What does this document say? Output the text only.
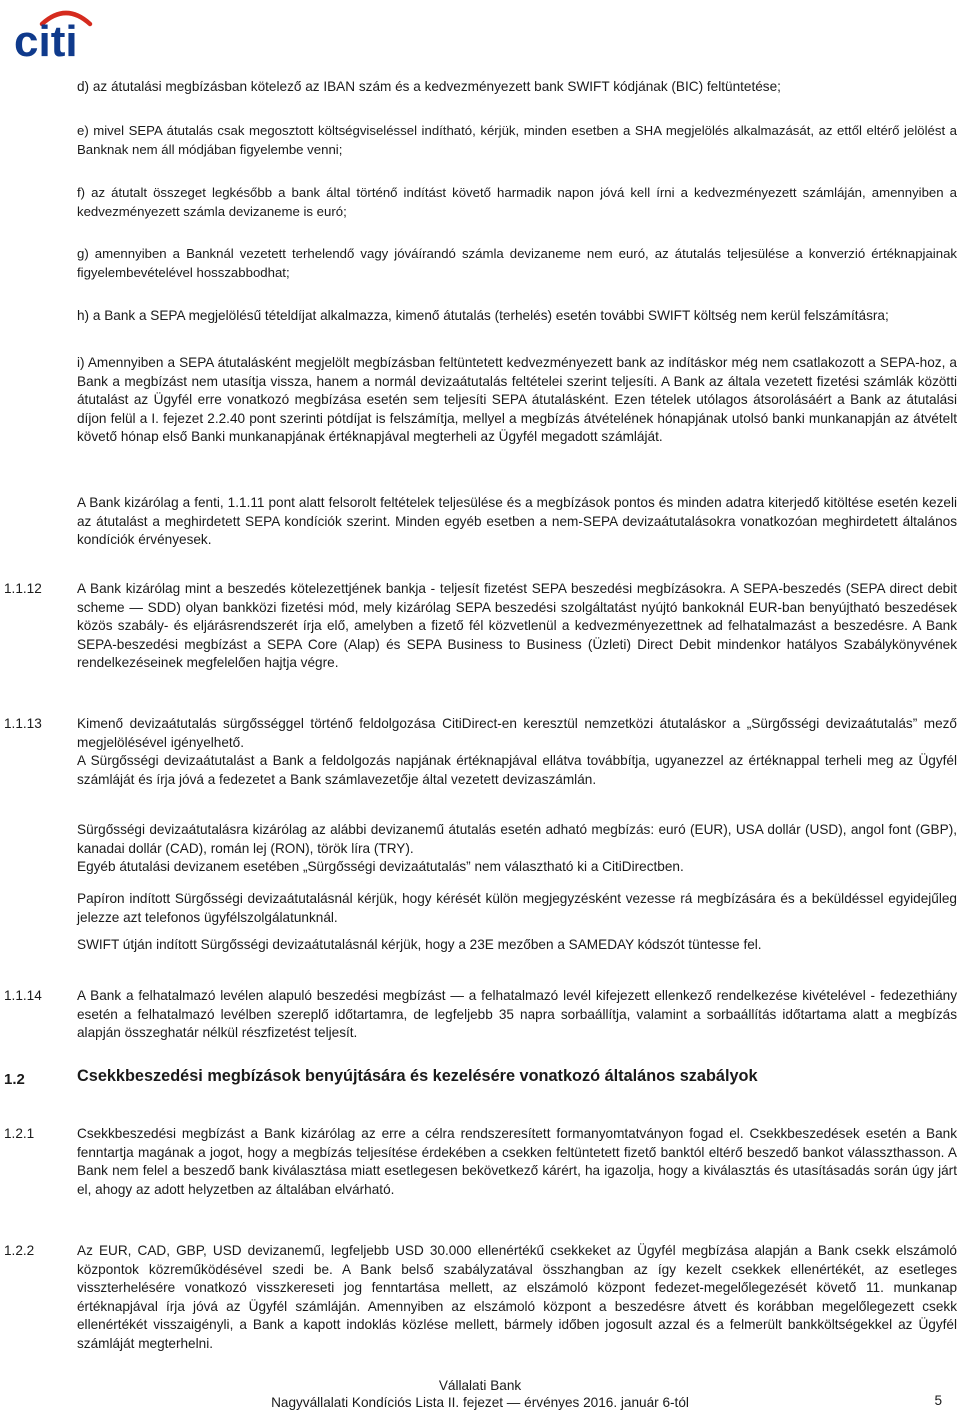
citi

d) az átutalási megbízásban kötelező az IBAN szám és a kedvezményezett bank SWIFT kódjának (BIC) feltüntetése;

e) mivel SEPA átutalás csak megosztott költségviseléssel indítható, kérjük, minden esetben a SHA megjelölés alkalmazását, az ettől eltérő jelölést a Banknak nem áll módjában figyelembe venni;

f) az átutalt összeget legkésőbb a bank által történő indítást követő harmadik napon jóvá kell írni a kedvezményezett számláján, amennyiben a kedvezményezett számla devizaneme is euró;

g) amennyiben a Banknál vezetett terhelendő vagy jóváírandó számla devizaneme nem euró, az átutalás teljesülése a konverzió értéknapjainak figyelembevételével hosszabbodhat;

h) a Bank a SEPA megjelölésű tételdíjat alkalmazza, kimenő átutalás (terhelés) esetén további SWIFT költség nem kerül felszámításra;

i) Amennyiben a SEPA átutalásként megjelölt megbízásban feltüntetett kedvezményezett bank az indításkor még nem csatlakozott a SEPA-hoz, a Bank a megbízást nem utasítja vissza, hanem a normál devizaátutalás feltételei szerint teljesíti. A Bank az általa vezetett fizetési számlák közötti átutalást az Ügyfél erre vonatkozó megbízása esetén sem teljesíti SEPA átutalásként. Ezen tételek utólagos átsorolásáért a Bank az átutalási díjon felül a I. fejezet 2.2.40 pont szerinti pótdíjat is felszámítja, mellyel a megbízás átvételének hónapjának utolsó banki munkanapján az átvételt követő hónap első Banki munkanapjának értéknapjával megterheli az Ügyfél megadott számláját.

A Bank kizárólag a fenti, 1.1.11 pont alatt felsorolt feltételek teljesülése és a megbízások pontos és minden adatra kiterjedő kitöltése esetén kezeli az átutalást a meghirdetett SEPA kondíciók szerint. Minden egyéb esetben a nem-SEPA devizaátutalásokra vonatkozóan meghirdetett általános kondíciók érvényesek.

1.1.12	A Bank kizárólag mint a beszedés kötelezettjének bankja - teljesít fizetést SEPA beszedési megbízásokra. A SEPA-beszedés (SEPA direct debit scheme ― SDD) olyan bankközi fizetési mód, mely kizárólag SEPA beszedési szolgáltatást nyújtó bankoknál EUR-ban benyújtható beszedések közös szabály- és eljárásrendszerét írja elő, amelyben a fizető fél közvetlenül a kedvezményezettnek ad felhatalmazást a beszedésre. A Bank SEPA-beszedési megbízást a SEPA Core (Alap) és SEPA Business to Business (Üzleti) Direct Debit mindenkor hatályos Szabálykönyvének rendelkezéseinek megfelelően hajtja végre.

1.1.13	Kimenő devizaátutalás sürgősséggel történő feldolgozása CitiDirect-en keresztül nemzetközi átutaláskor a „Sürgősségi devizaátutalás” mező megjelölésével igényelhető.
A Sürgősségi devizaátutalást a Bank a feldolgozás napjának értéknapjával ellátva továbbítja, ugyanezzel az értéknappal terheli meg az Ügyfél számláját és írja jóvá a fedezetet a Bank számlavezetője által vezetett devizaszámlán.

Sürgősségi devizaátutalásra kizárólag az alábbi devizanemű átutalás esetén adható megbízás: euró (EUR), USA dollár (USD), angol font (GBP), kanadai dollár (CAD), román lej (RON), török líra (TRY).
Egyéb átutalási devizanem esetében „Sürgősségi devizaátutalás” nem választható ki a CitiDirectben.

Papíron indított Sürgősségi devizaátutalásnál kérjük, hogy kérését külön megjegyzésként vezesse rá megbízására és a beküldéssel egyidejűleg jelezze azt telefonos ügyfélszolgálatunknál.

SWIFT útján indított Sürgősségi devizaátutalásnál kérjük, hogy a 23E mezőben a SAMEDAY kódszót tüntesse fel.

1.1.14	A Bank a felhatalmazó levélen alapuló beszedési megbízást ― a felhatalmazó levél kifejezett ellenkező rendelkezése kivételével - fedezethiány esetén a felhatalmazó levélben szereplő időtartamra, de legfeljebb 35 napra sorbaállítja, valamint a sorbaállítás időtartama alatt a megbízás alapján összeghatár nélkül részfizetést teljesít.

1.2	Csekkbeszedési megbízások benyújtására és kezelésére vonatkozó általános szabályok

1.2.1	Csekkbeszedési megbízást a Bank kizárólag az erre a célra rendszeresített formanyomtatványon fogad el. Csekkbeszedések esetén a Bank fenntartja magának a jogot, hogy a megbízás teljesítése érdekében a csekken feltüntetett fizető banktól eltérő beszedő bankot válasszthasson. A Bank nem felel a beszedő bank kiválasztása miatt esetlegesen bekövetkező kárért, ha igazolja, hogy a kiválasztás és utasításadás során úgy járt el, ahogy az adott helyzetben az általában elvárható.

1.2.2	Az EUR, CAD, GBP, USD devizanemű, legfeljebb USD 30.000 ellenértékű csekkeket az Ügyfél megbízása alapján a Bank csekk elszámoló központok közreműködésével szedi be. A Bank belső szabályzatával összhangban az így kezelt csekkek ellenértékét, az esetleges visszterhelésére vonatkozó visszkereseti jog fenntartása mellett, az elszámoló központ fedezet-megelőlegezését követő 11. munkanap értéknapjával írja jóvá az Ügyfél számláján. Amennyiben az elszámoló központ a beszedésre átvett és korábban megelőlegezett csekk ellenértékét visszaigényli, a Bank a kapott indoklás közlése mellett, bármely időben jogosult azzal és a felmerült bankköltségekkel az Ügyfél számláját megterhelni.

Vállalati Bank

Nagyvállalati Kondíciós Lista II. fejezet ― érvényes 2016. január 6-tól	5
